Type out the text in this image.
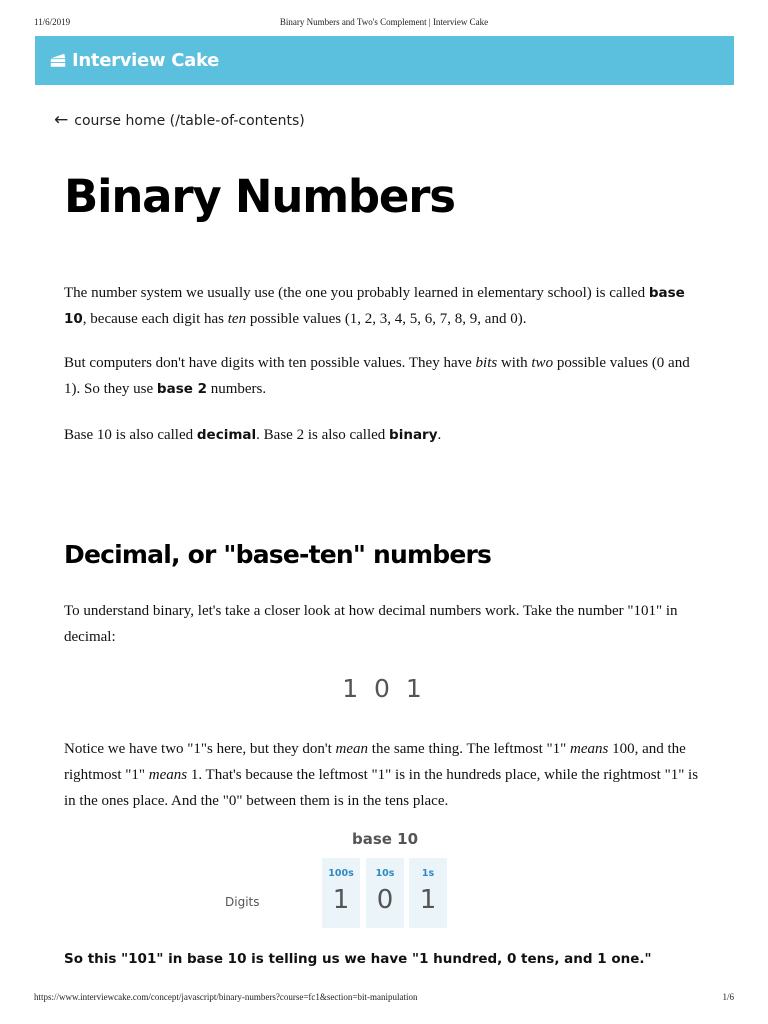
11/6/2019	Binary Numbers and Two's Complement | Interview Cake
Interview Cake
← course home (/table-of-contents)
Binary Numbers

The number system we usually use (the one you probably learned in elementary school) is called base 10, because each digit has ten possible values (1, 2, 3, 4, 5, 6, 7, 8, 9, and 0).

But computers don't have digits with ten possible values. They have bits with two possible values (0 and 1). So they use base 2 numbers.

Base 10 is also called decimal. Base 2 is also called binary.

Decimal, or "base-ten" numbers

To understand binary, let's take a closer look at how decimal numbers work. Take the number "101" in decimal:

1 0 1

Notice we have two "1"s here, but they don't mean the same thing. The leftmost "1" means 100, and the rightmost "1" means 1. That's because the leftmost "1" is in the hundreds place, while the rightmost "1" is in the ones place. And the "0" between them is in the tens place.

base 10
Digits
100s
1
10s
0
1s
1

So this "101" in base 10 is telling us we have "1 hundred, 0 tens, and 1 one."

https://www.interviewcake.com/concept/javascript/binary-numbers?course=fc1&section=bit-manipulation	1/6
